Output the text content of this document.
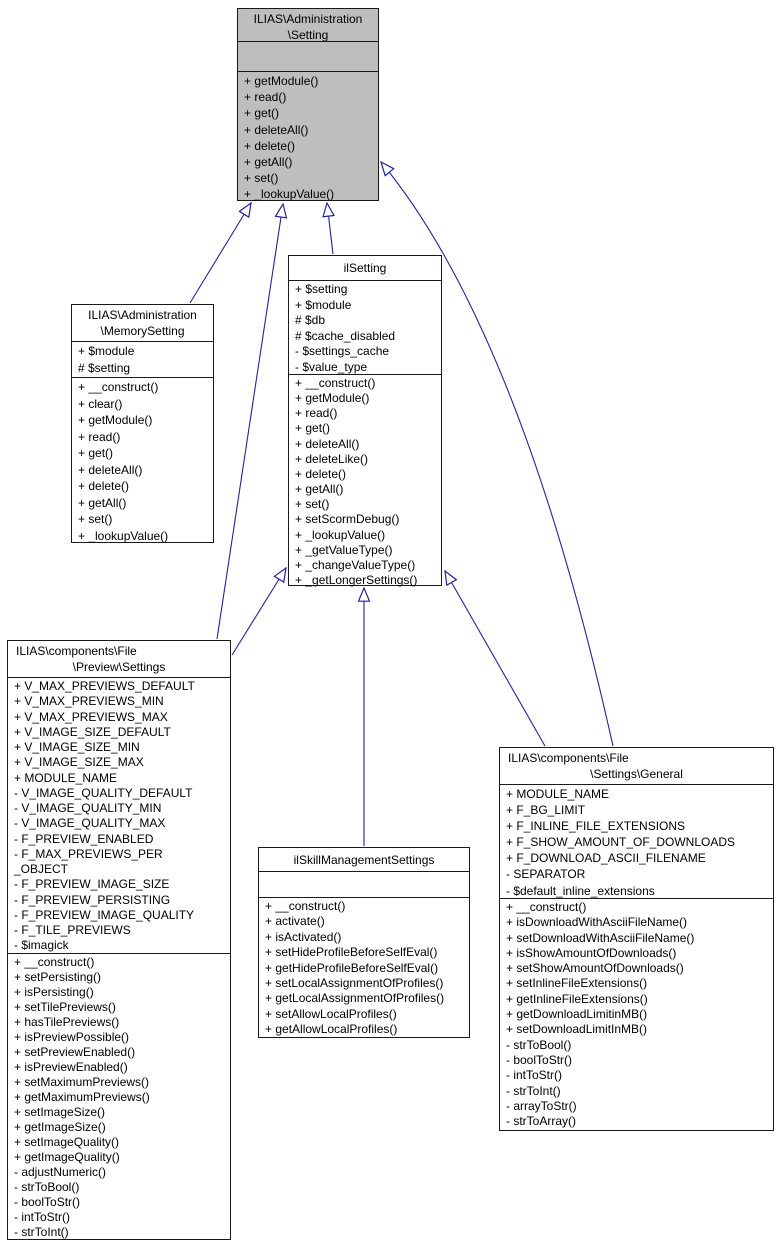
ILIAS\Administration
\Setting
+ getModule()
+ read()
+ get()
+ deleteAll()
+ delete()
+ getAll()
+ set()
+ _lookupValue()
ILIAS\Administration
\MemorySetting
+ $module
# $setting
+ __construct()
+ clear()
+ getModule()
+ read()
+ get()
+ deleteAll()
+ delete()
+ getAll()
+ set()
+ _lookupValue()
ilSetting
+ $setting
+ $module
# $db
# $cache_disabled
- $settings_cache
- $value_type
+ __construct()
+ getModule()
+ read()
+ get()
+ deleteAll()
+ deleteLike()
+ delete()
+ getAll()
+ set()
+ setScormDebug()
+ _lookupValue()
+ _getValueType()
+ _changeValueType()
+ _getLongerSettings()
ILIAS\components\File
\Preview\Settings
+ V_MAX_PREVIEWS_DEFAULT
+ V_MAX_PREVIEWS_MIN
+ V_MAX_PREVIEWS_MAX
+ V_IMAGE_SIZE_DEFAULT
+ V_IMAGE_SIZE_MIN
+ V_IMAGE_SIZE_MAX
+ MODULE_NAME
- V_IMAGE_QUALITY_DEFAULT
- V_IMAGE_QUALITY_MIN
- V_IMAGE_QUALITY_MAX
- F_PREVIEW_ENABLED
- F_MAX_PREVIEWS_PER
_OBJECT
- F_PREVIEW_IMAGE_SIZE
- F_PREVIEW_PERSISTING
- F_PREVIEW_IMAGE_QUALITY
- F_TILE_PREVIEWS
- $imagick
+ __construct()
+ setPersisting()
+ isPersisting()
+ setTilePreviews()
+ hasTilePreviews()
+ isPreviewPossible()
+ setPreviewEnabled()
+ isPreviewEnabled()
+ setMaximumPreviews()
+ getMaximumPreviews()
+ setImageSize()
+ getImageSize()
+ setImageQuality()
+ getImageQuality()
- adjustNumeric()
- strToBool()
- boolToStr()
- intToStr()
- strToInt()
ilSkillManagementSettings
+ __construct()
+ activate()
+ isActivated()
+ setHideProfileBeforeSelfEval()
+ getHideProfileBeforeSelfEval()
+ setLocalAssignmentOfProfiles()
+ getLocalAssignmentOfProfiles()
+ setAllowLocalProfiles()
+ getAllowLocalProfiles()
ILIAS\components\File
\Settings\General
+ MODULE_NAME
+ F_BG_LIMIT
+ F_INLINE_FILE_EXTENSIONS
+ F_SHOW_AMOUNT_OF_DOWNLOADS
+ F_DOWNLOAD_ASCII_FILENAME
- SEPARATOR
- $default_inline_extensions
+ __construct()
+ isDownloadWithAsciiFileName()
+ setDownloadWithAsciiFileName()
+ isShowAmountOfDownloads()
+ setShowAmountOfDownloads()
+ setInlineFileExtensions()
+ getInlineFileExtensions()
+ getDownloadLimitinMB()
+ setDownloadLimitInMB()
- strToBool()
- boolToStr()
- intToStr()
- strToInt()
- arrayToStr()
- strToArray()
